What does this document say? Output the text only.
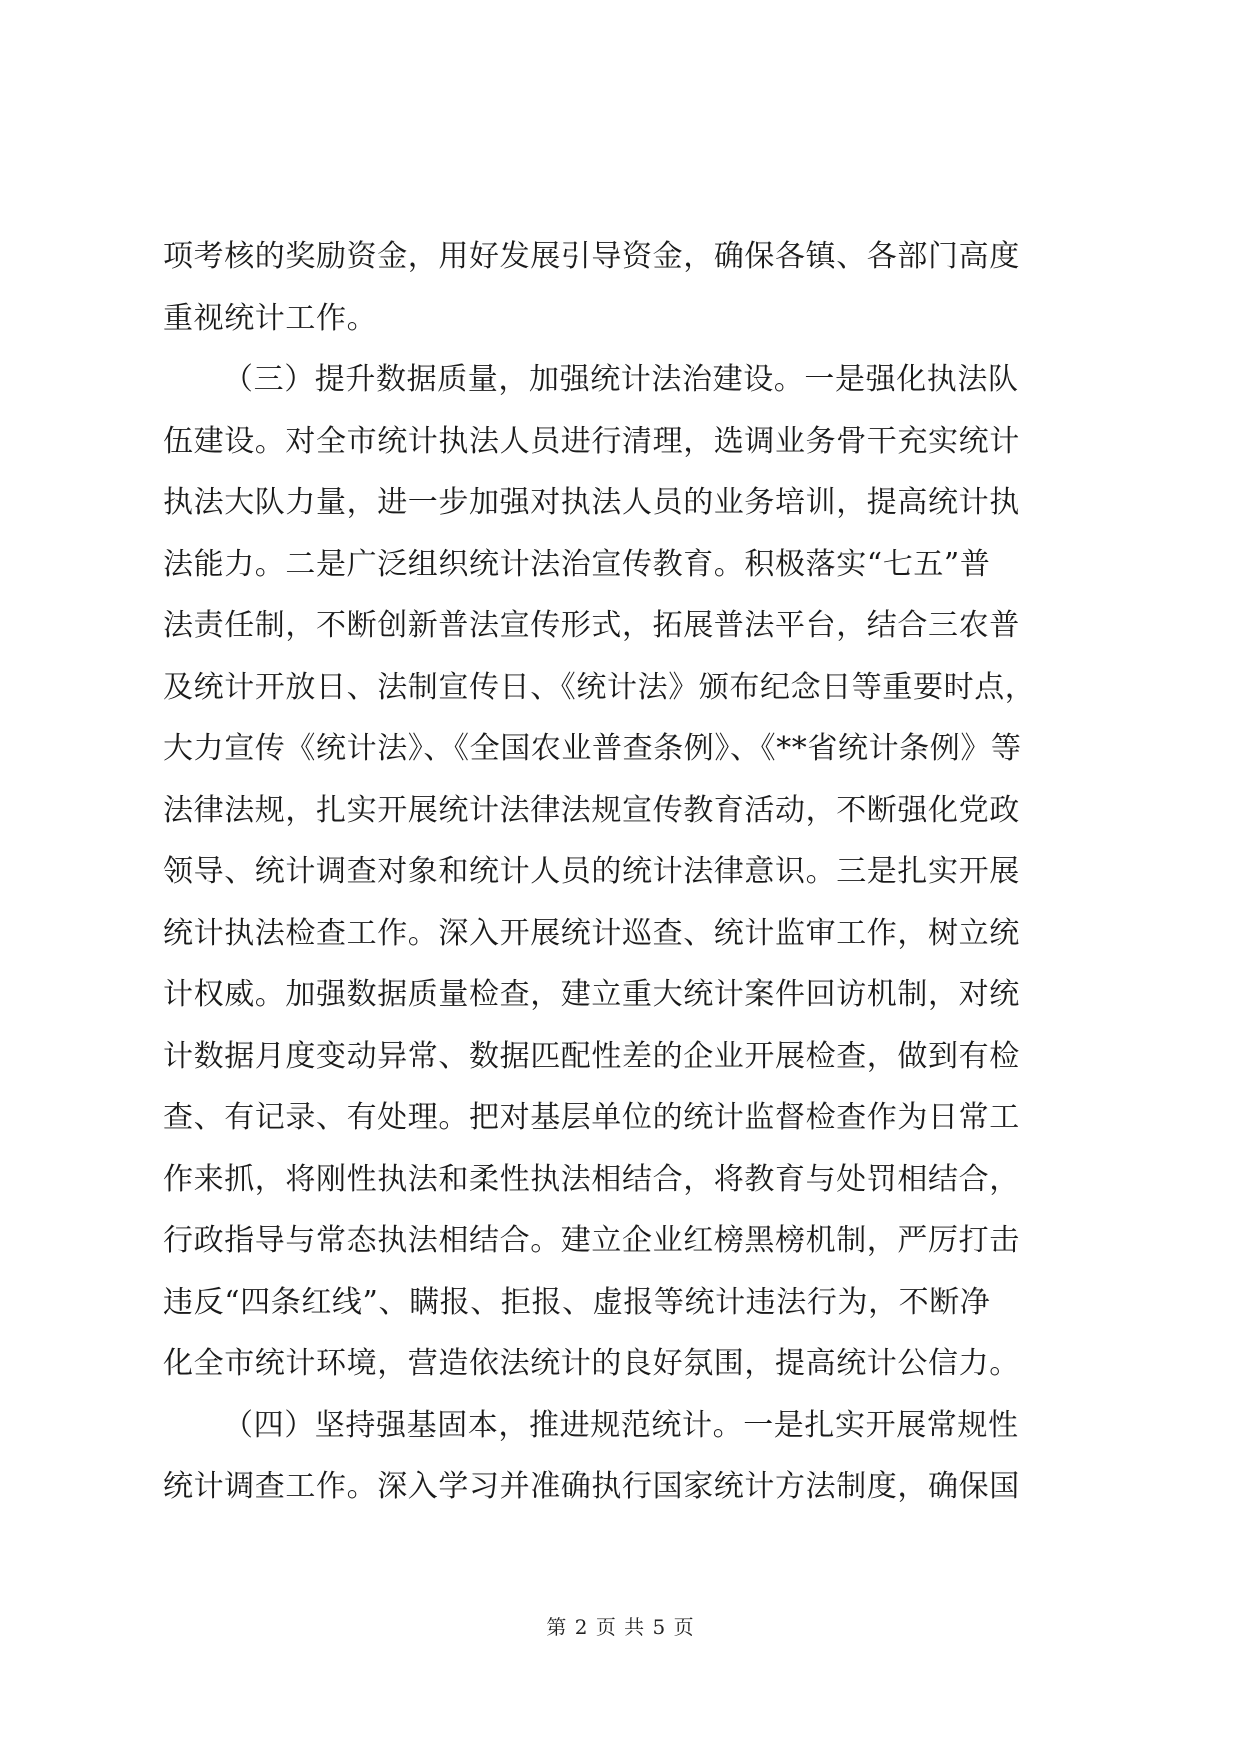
项考核的奖励资金，用好发展引导资金，确保各镇、各部门高度
重视统计工作。
（三）提升数据质量，加强统计法治建设。一是强化执法队
伍建设。对全市统计执法人员进行清理，选调业务骨干充实统计
执法大队力量，进一步加强对执法人员的业务培训，提高统计执
法能力。二是广泛组织统计法治宣传教育。积极落实“七五”普
法责任制，不断创新普法宣传形式，拓展普法平台，结合三农普
及统计开放日、法制宣传日、《统计法》颁布纪念日等重要时点，
大力宣传《统计法》、《全国农业普查条例》、《**省统计条例》等
法律法规，扎实开展统计法律法规宣传教育活动，不断强化党政
领导、统计调查对象和统计人员的统计法律意识。三是扎实开展
统计执法检查工作。深入开展统计巡查、统计监审工作，树立统
计权威。加强数据质量检查，建立重大统计案件回访机制，对统
计数据月度变动异常、数据匹配性差的企业开展检查，做到有检
查、有记录、有处理。把对基层单位的统计监督检查作为日常工
作来抓，将刚性执法和柔性执法相结合，将教育与处罚相结合，
行政指导与常态执法相结合。建立企业红榜黑榜机制，严厉打击
违反“四条红线”、瞒报、拒报、虚报等统计违法行为，不断净
化全市统计环境，营造依法统计的良好氛围，提高统计公信力。
（四）坚持强基固本，推进规范统计。一是扎实开展常规性
统计调查工作。深入学习并准确执行国家统计方法制度，确保国
第 2 页 共 5 页
